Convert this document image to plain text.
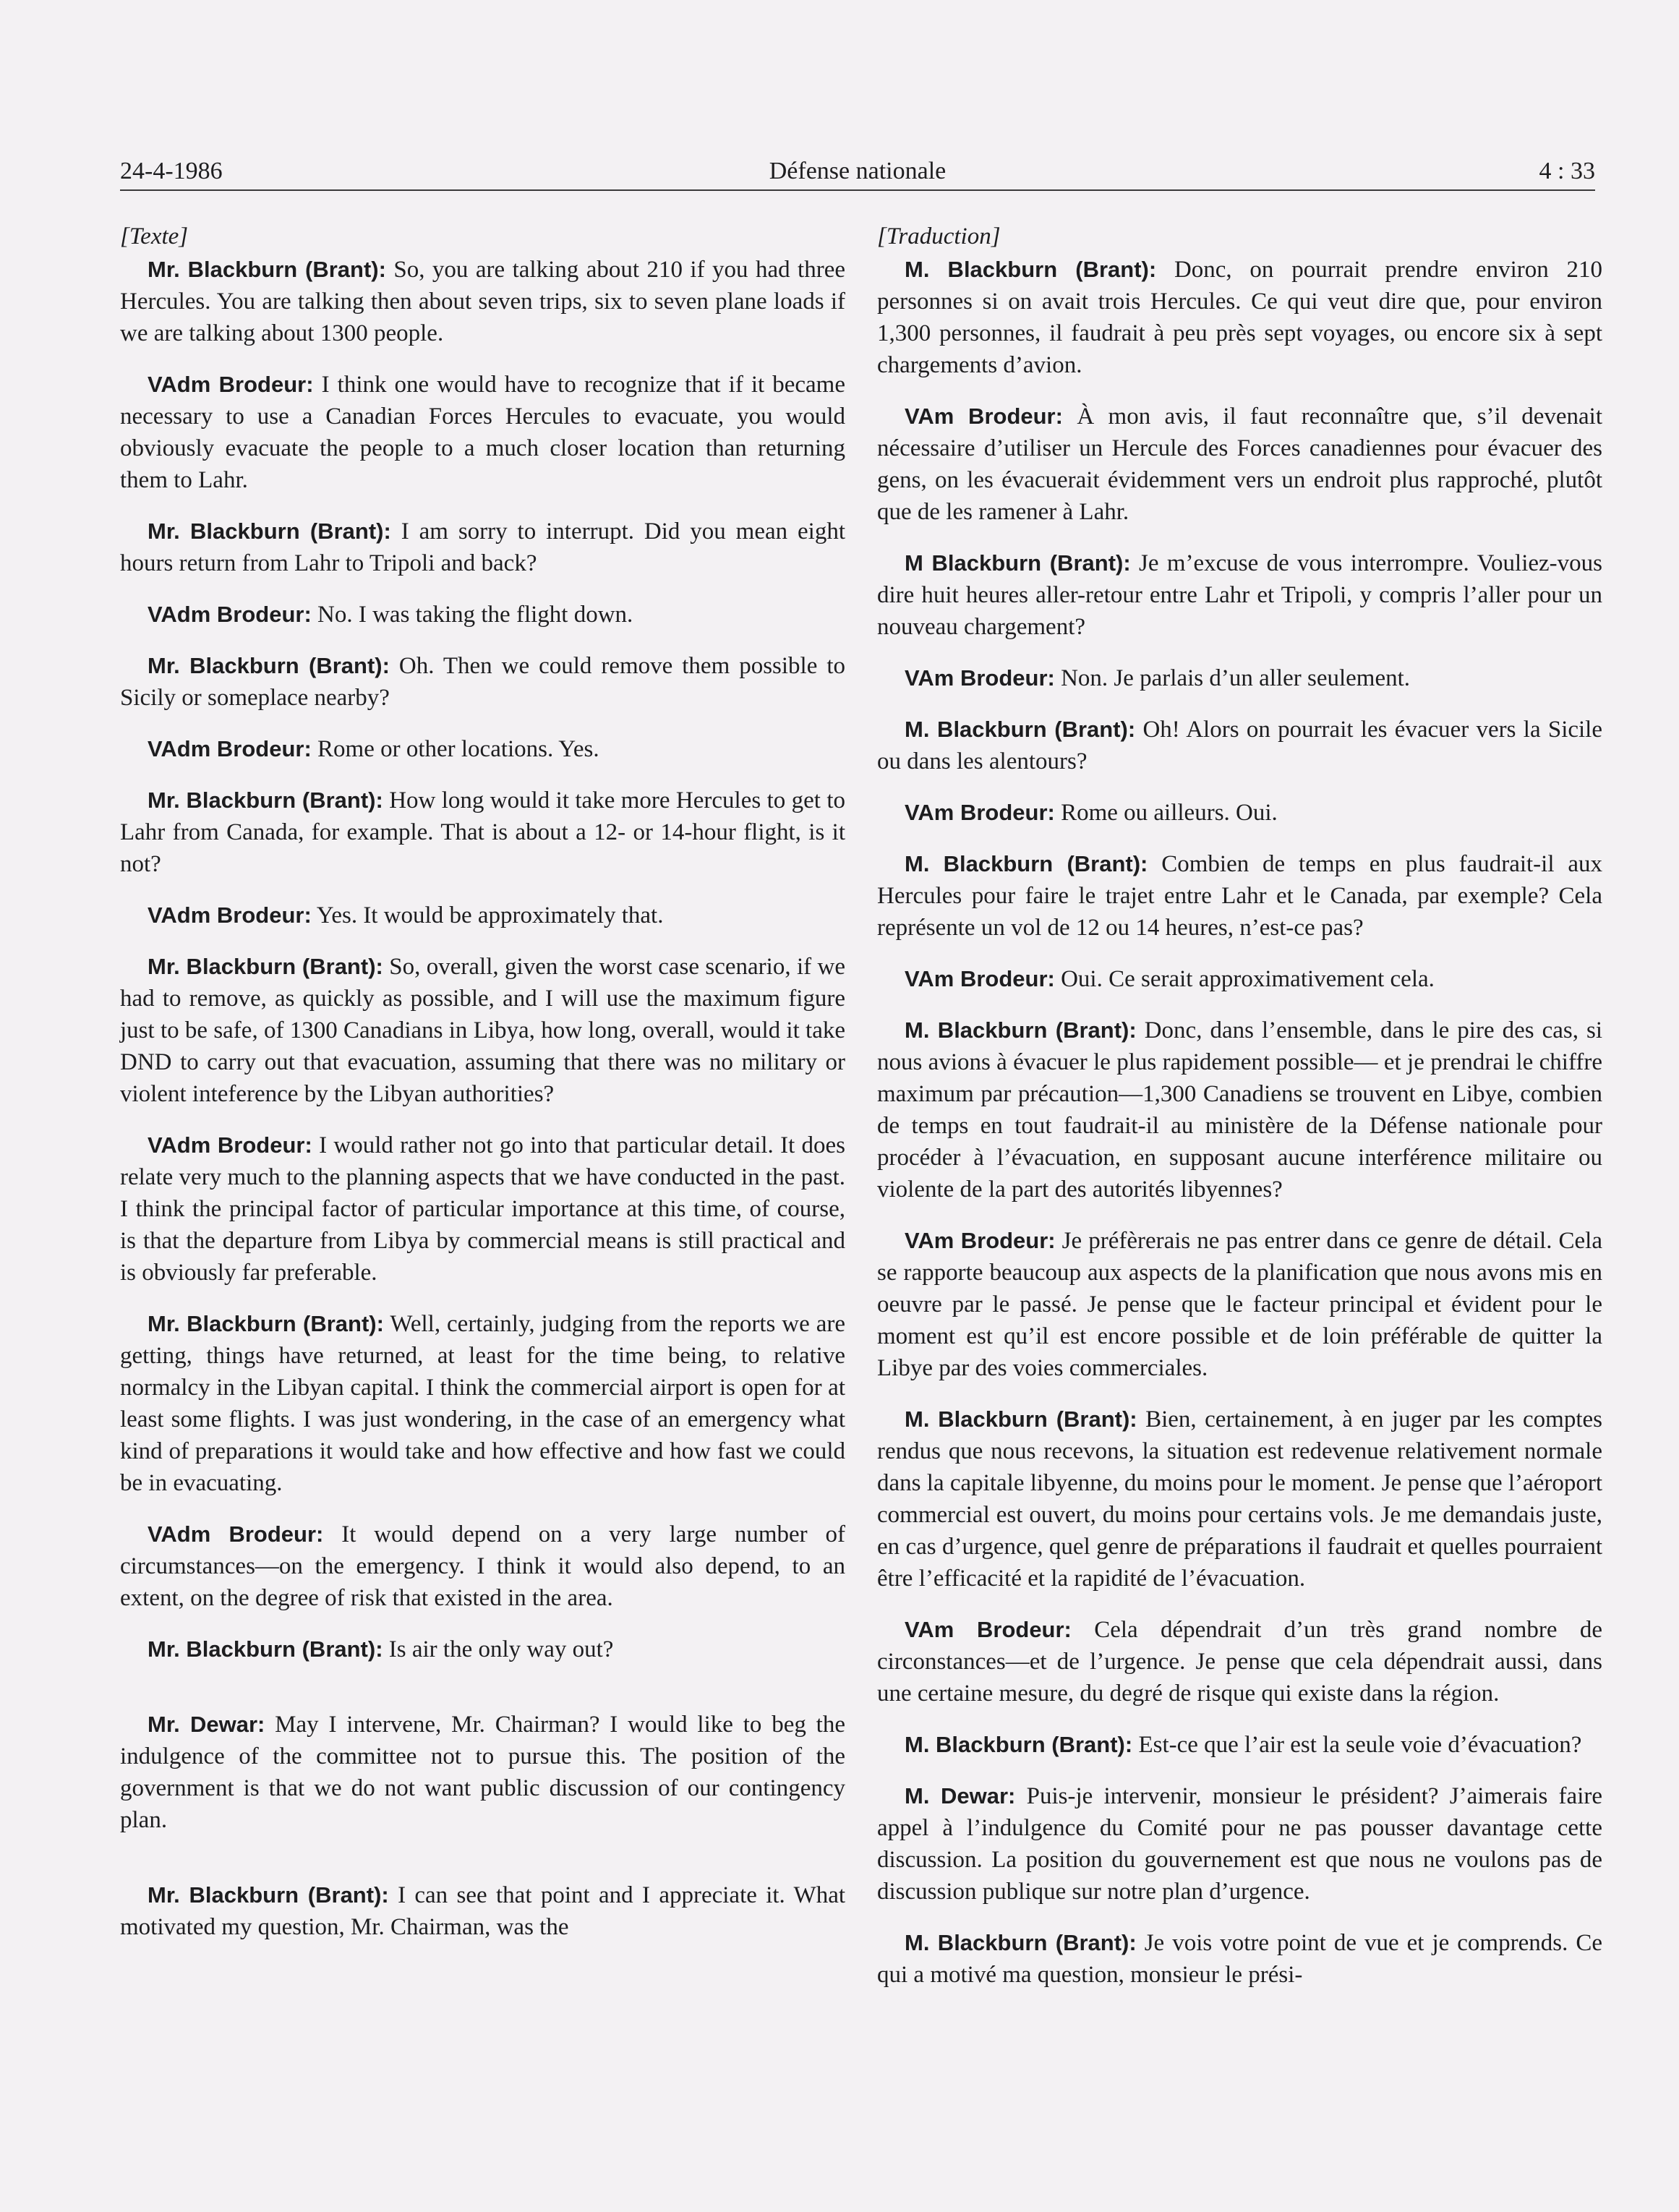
24-4-1986	Défense nationale	4 : 33
[Texte]

Mr. Blackburn (Brant): So, you are talking about 210 if you had three Hercules. You are talking then about seven trips, six to seven plane loads if we are talking about 1300 people.

VAdm Brodeur: I think one would have to recognize that if it became necessary to use a Canadian Forces Hercules to evacuate, you would obviously evacuate the people to a much closer location than returning them to Lahr.

Mr. Blackburn (Brant): I am sorry to interrupt. Did you mean eight hours return from Lahr to Tripoli and back?

VAdm Brodeur: No. I was taking the flight down.

Mr. Blackburn (Brant): Oh. Then we could remove them possible to Sicily or someplace nearby?

VAdm Brodeur: Rome or other locations. Yes.

Mr. Blackburn (Brant): How long would it take more Hercules to get to Lahr from Canada, for example. That is about a 12- or 14-hour flight, is it not?

VAdm Brodeur: Yes. It would be approximately that.

Mr. Blackburn (Brant): So, overall, given the worst case scenario, if we had to remove, as quickly as possible, and I will use the maximum figure just to be safe, of 1300 Canadians in Libya, how long, overall, would it take DND to carry out that evacuation, assuming that there was no military or violent inteference by the Libyan authorities?

VAdm Brodeur: I would rather not go into that particular detail. It does relate very much to the planning aspects that we have conducted in the past. I think the principal factor of particular importance at this time, of course, is that the departure from Libya by commercial means is still practical and is obviously far preferable.

Mr. Blackburn (Brant): Well, certainly, judging from the reports we are getting, things have returned, at least for the time being, to relative normalcy in the Libyan capital. I think the commercial airport is open for at least some flights. I was just wondering, in the case of an emergency what kind of preparations it would take and how effective and how fast we could be in evacuating.

VAdm Brodeur: It would depend on a very large number of circumstances—on the emergency. I think it would also depend, to an extent, on the degree of risk that existed in the area.

Mr. Blackburn (Brant): Is air the only way out?

Mr. Dewar: May I intervene, Mr. Chairman? I would like to beg the indulgence of the committee not to pursue this. The position of the government is that we do not want public discussion of our contingency plan.

Mr. Blackburn (Brant): I can see that point and I appreciate it. What motivated my question, Mr. Chairman, was the

[Traduction]

M. Blackburn (Brant): Donc, on pourrait prendre environ 210 personnes si on avait trois Hercules. Ce qui veut dire que, pour environ 1,300 personnes, il faudrait à peu près sept voyages, ou encore six à sept chargements d’avion.

VAm Brodeur: À mon avis, il faut reconnaître que, s’il devenait nécessaire d’utiliser un Hercule des Forces canadiennes pour évacuer des gens, on les évacuerait évidemment vers un endroit plus rapproché, plutôt que de les ramener à Lahr.

M Blackburn (Brant): Je m’excuse de vous interrompre. Vouliez-vous dire huit heures aller-retour entre Lahr et Tripoli, y compris l’aller pour un nouveau chargement?

VAm Brodeur: Non. Je parlais d’un aller seulement.

M. Blackburn (Brant): Oh! Alors on pourrait les évacuer vers la Sicile ou dans les alentours?

VAm Brodeur: Rome ou ailleurs. Oui.

M. Blackburn (Brant): Combien de temps en plus faudrait-il aux Hercules pour faire le trajet entre Lahr et le Canada, par exemple? Cela représente un vol de 12 ou 14 heures, n’est-ce pas?

VAm Brodeur: Oui. Ce serait approximativement cela.

M. Blackburn (Brant): Donc, dans l’ensemble, dans le pire des cas, si nous avions à évacuer le plus rapidement possible— et je prendrai le chiffre maximum par précaution—1,300 Canadiens se trouvent en Libye, combien de temps en tout faudrait-il au ministère de la Défense nationale pour procéder à l’évacuation, en supposant aucune interférence militaire ou violente de la part des autorités libyennes?

VAm Brodeur: Je préfèrerais ne pas entrer dans ce genre de détail. Cela se rapporte beaucoup aux aspects de la planification que nous avons mis en oeuvre par le passé. Je pense que le facteur principal et évident pour le moment est qu’il est encore possible et de loin préférable de quitter la Libye par des voies commerciales.

M. Blackburn (Brant): Bien, certainement, à en juger par les comptes rendus que nous recevons, la situation est redevenue relativement normale dans la capitale libyenne, du moins pour le moment. Je pense que l’aéroport commercial est ouvert, du moins pour certains vols. Je me demandais juste, en cas d’urgence, quel genre de préparations il faudrait et quelles pourraient être l’efficacité et la rapidité de l’évacuation.

VAm Brodeur: Cela dépendrait d’un très grand nombre de circonstances—et de l’urgence. Je pense que cela dépendrait aussi, dans une certaine mesure, du degré de risque qui existe dans la région.

M. Blackburn (Brant): Est-ce que l’air est la seule voie d’évacuation?

M. Dewar: Puis-je intervenir, monsieur le président? J’aimerais faire appel à l’indulgence du Comité pour ne pas pousser davantage cette discussion. La position du gouvernement est que nous ne voulons pas de discussion publique sur notre plan d’urgence.

M. Blackburn (Brant): Je vois votre point de vue et je comprends. Ce qui a motivé ma question, monsieur le prési-
